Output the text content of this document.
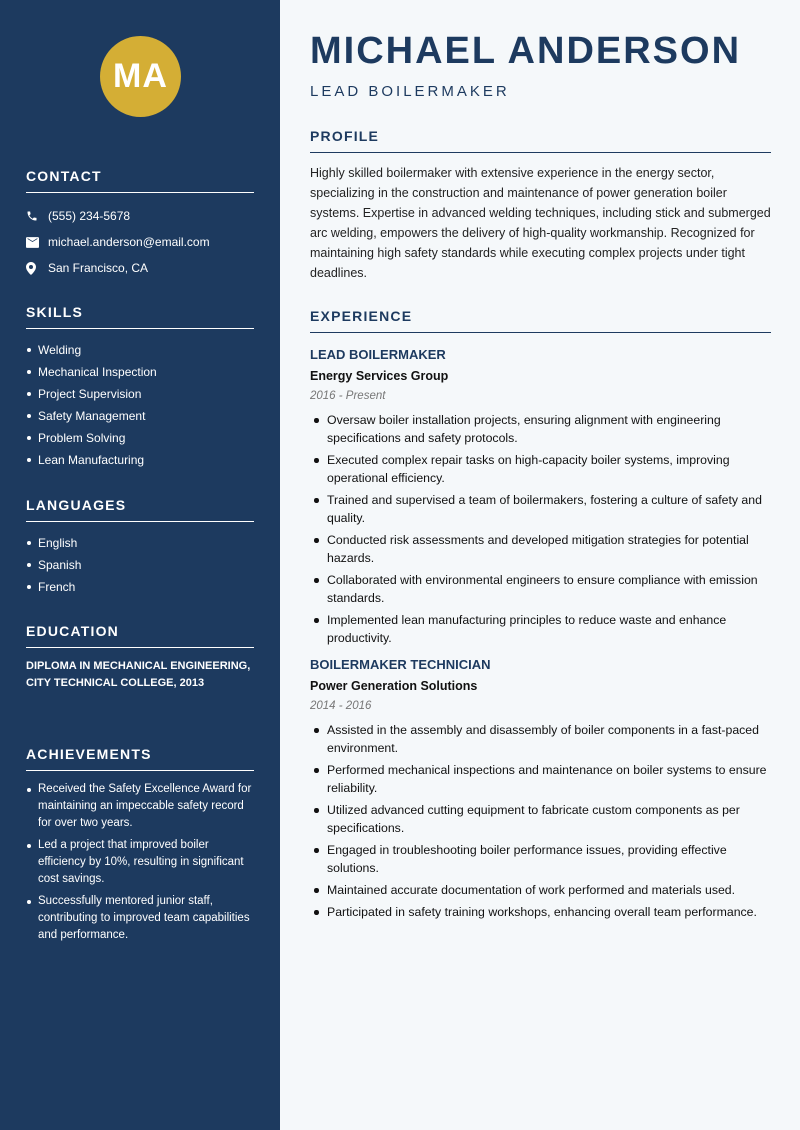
MA
CONTACT
(555) 234-5678
michael.anderson@email.com
San Francisco, CA
SKILLS
Welding
Mechanical Inspection
Project Supervision
Safety Management
Problem Solving
Lean Manufacturing
LANGUAGES
English
Spanish
French
EDUCATION

DIPLOMA IN MECHANICAL ENGINEERING, CITY TECHNICAL COLLEGE, 2013

ACHIEVEMENTS
Received the Safety Excellence Award for maintaining an impeccable safety record for over two years.
Led a project that improved boiler efficiency by 10%, resulting in significant cost savings.
Successfully mentored junior staff, contributing to improved team capabilities and performance.
MICHAEL ANDERSON
LEAD BOILERMAKER
PROFILE

Highly skilled boilermaker with extensive experience in the energy sector, specializing in the construction and maintenance of power generation boiler systems. Expertise in advanced welding techniques, including stick and submerged arc welding, empowers the delivery of high-quality workmanship. Recognized for maintaining high safety standards while executing complex projects under tight deadlines.

EXPERIENCE
LEAD BOILERMAKER
Energy Services Group
2016 - Present
Oversaw boiler installation projects, ensuring alignment with engineering specifications and safety protocols.
Executed complex repair tasks on high-capacity boiler systems, improving operational efficiency.
Trained and supervised a team of boilermakers, fostering a culture of safety and quality.
Conducted risk assessments and developed mitigation strategies for potential hazards.
Collaborated with environmental engineers to ensure compliance with emission standards.
Implemented lean manufacturing principles to reduce waste and enhance productivity.
BOILERMAKER TECHNICIAN
Power Generation Solutions
2014 - 2016
Assisted in the assembly and disassembly of boiler components in a fast-paced environment.
Performed mechanical inspections and maintenance on boiler systems to ensure reliability.
Utilized advanced cutting equipment to fabricate custom components as per specifications.
Engaged in troubleshooting boiler performance issues, providing effective solutions.
Maintained accurate documentation of work performed and materials used.
Participated in safety training workshops, enhancing overall team performance.
